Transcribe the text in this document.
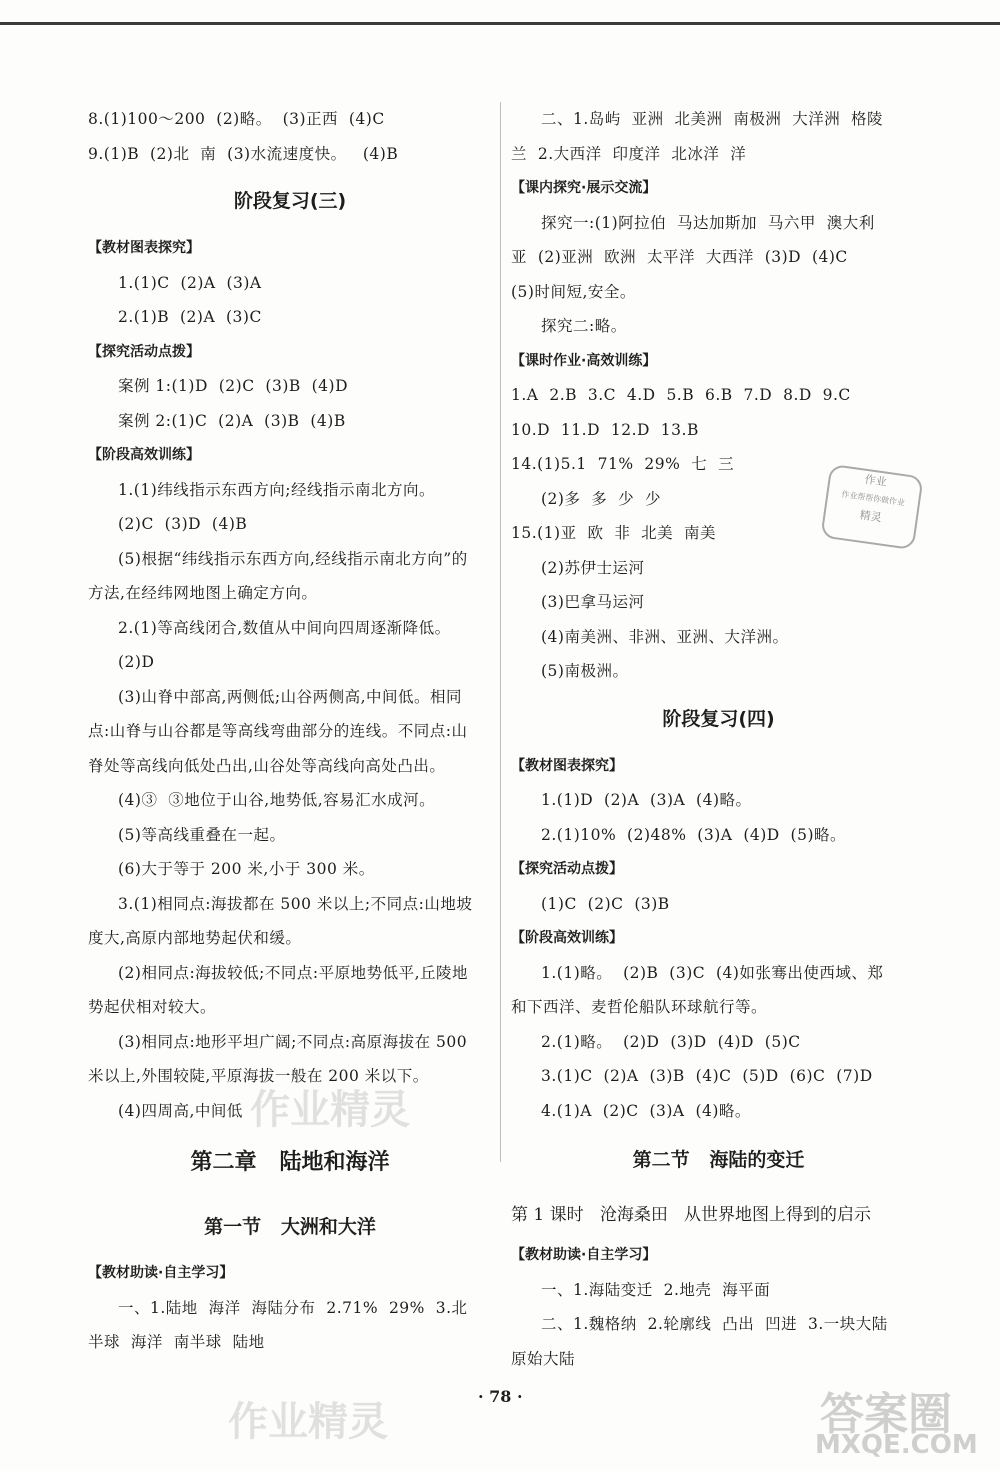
8.(1)100～200  (2)略。  (3)正西  (4)C
9.(1)B  (2)北  南  (3)水流速度快。   (4)B
阶段复习(三)
【教材图表探究】
1.(1)C  (2)A  (3)A
2.(1)B  (2)A  (3)C
【探究活动点拨】
案例 1:(1)D  (2)C  (3)B  (4)D
案例 2:(1)C  (2)A  (3)B  (4)B
【阶段高效训练】
1.(1)纬线指示东西方向;经线指示南北方向。
(2)C  (3)D  (4)B
(5)根据“纬线指示东西方向,经线指示南北方向”的
方法,在经纬网地图上确定方向。
2.(1)等高线闭合,数值从中间向四周逐渐降低。
(2)D
(3)山脊中部高,两侧低;山谷两侧高,中间低。相同
点:山脊与山谷都是等高线弯曲部分的连线。不同点:山
脊处等高线向低处凸出,山谷处等高线向高处凸出。
(4)③  ③地位于山谷,地势低,容易汇水成河。
(5)等高线重叠在一起。
(6)大于等于 200 米,小于 300 米。
3.(1)相同点:海拔都在 500 米以上;不同点:山地坡
度大,高原内部地势起伏和缓。
(2)相同点:海拔较低;不同点:平原地势低平,丘陵地
势起伏相对较大。
(3)相同点:地形平坦广阔;不同点:高原海拔在 500
米以上,外围较陡,平原海拔一般在 200 米以下。
(4)四周高,中间低
第二章   陆地和海洋
第一节   大洲和大洋
【教材助读·自主学习】
一、1.陆地  海洋  海陆分布  2.71%  29%  3.北
半球  海洋  南半球  陆地
二、1.岛屿  亚洲  北美洲  南极洲  大洋洲  格陵
兰  2.大西洋  印度洋  北冰洋  洋
【课内探究·展示交流】
探究一:(1)阿拉伯  马达加斯加  马六甲  澳大利
亚  (2)亚洲  欧洲  太平洋  大西洋  (3)D  (4)C
(5)时间短,安全。
探究二:略。
【课时作业·高效训练】
1.A  2.B  3.C  4.D  5.B  6.B  7.D  8.D  9.C
10.D  11.D  12.D  13.B
14.(1)5.1  71%  29%  七  三
(2)多  多  少  少
15.(1)亚  欧  非  北美  南美
(2)苏伊士运河
(3)巴拿马运河
(4)南美洲、非洲、亚洲、大洋洲。
(5)南极洲。
阶段复习(四)
【教材图表探究】
1.(1)D  (2)A  (3)A  (4)略。
2.(1)10%  (2)48%  (3)A  (4)D  (5)略。
【探究活动点拨】
(1)C  (2)C  (3)B
【阶段高效训练】
1.(1)略。  (2)B  (3)C  (4)如张骞出使西域、郑
和下西洋、麦哲伦船队环球航行等。
2.(1)略。  (2)D  (3)D  (4)D  (5)C
3.(1)C  (2)A  (3)B  (4)C  (5)D  (6)C  (7)D
4.(1)A  (2)C  (3)A  (4)略。
第二节   海陆的变迁
第 1 课时   沧海桑田   从世界地图上得到的启示
【教材助读·自主学习】
一、1.海陆变迁  2.地壳  海平面
二、1.魏格纳  2.轮廓线  凸出  凹进  3.一块大陆
原始大陆
作业
作业帮帮你做作业
精灵
作业精灵
作业精灵	答案圈
MXQE.COM
· 78 ·
